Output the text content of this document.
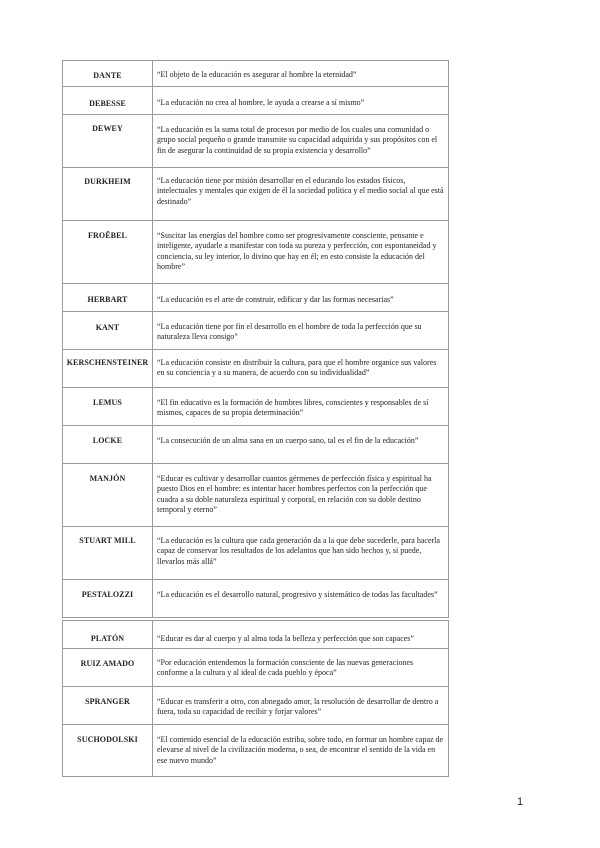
DANTE	“El objeto de la educación es asegurar al hombre la eternidad”
DEBESSE	“La educación no crea al hombre, le ayuda a crearse a sí mismo”
DEWEY	“La educación es la suma total de procesos por medio de los cuales una comunidad o grupo social pequeño o grande transmite su capacidad adquirida y sus propósitos con el fin de asegurar la continuidad de su propia existencia y desarrollo”
DURKHEIM	“La educación tiene por misión desarrollar en el educando los estados físicos, intelectuales y mentales que exigen de él la sociedad política y el medio social al que está destinado”
FROËBEL	“Suscitar las energías del hombre como ser progresivamente consciente, pensante e inteligente, ayudarle a manifestar con toda su pureza y perfección, con espontaneidad y conciencia, su ley interior, lo divino que hay en él; en esto consiste la educación del hombre”
HERBART	“La educación es el arte de construir, edificar y dar las formas necesarias”
KANT	“La educación tiene por fin el desarrollo en el hombre de toda la perfección que su naturaleza lleva consigo”
KERSCHENSTEINER	“La educación consiste en distribuir la cultura, para que el hombre organice sus valores en su conciencia y a su manera, de acuerdo con su individualidad”
LEMUS	“El fin educativo es la formación de hombres libres, conscientes y responsables de sí mismos, capaces de su propia determinación”
LOCKE	“La consecución de un alma sana en un cuerpo sano, tal es el fin de la educación”
MANJÓN	“Educar es cultivar y desarrollar cuantos gérmenes de perfección física y espiritual ha puesto Dios en el hombre: es intentar hacer hombres perfectos con la perfección que cuadra a su doble naturaleza espiritual y corporal, en relación con su doble destino temporal y eterno”
STUART MILL	“La educación es la cultura que cada generación da a la que debe sucederle, para hacerla capaz de conservar los resultados de los adelantos que han sido hechos y, si puede, llevarlos más allá”
PESTALOZZI	“La educación es el desarrollo natural, progresivo y sistemático de todas las facultades”
PLATÓN	“Educar es dar al cuerpo y al alma toda la belleza y perfección que son capaces”
RUIZ AMADO	“Por educación entendemos la formación consciente de las nuevas generaciones conforme a la cultura y al ideal de cada pueblo y época”
SPRANGER	“Educar es transferir a otro, con abnegado amor, la resolución de desarrollar de dentro a fuera, toda su capacidad de recibir y forjar valores”
SUCHODOLSKI	“El contenido esencial de la educación estriba, sobre todo, en formar un hombre capaz de elevarse al nivel de la civilización moderna, o sea, de encontrar el sentido de la vida en ese nuevo mundo”
1
